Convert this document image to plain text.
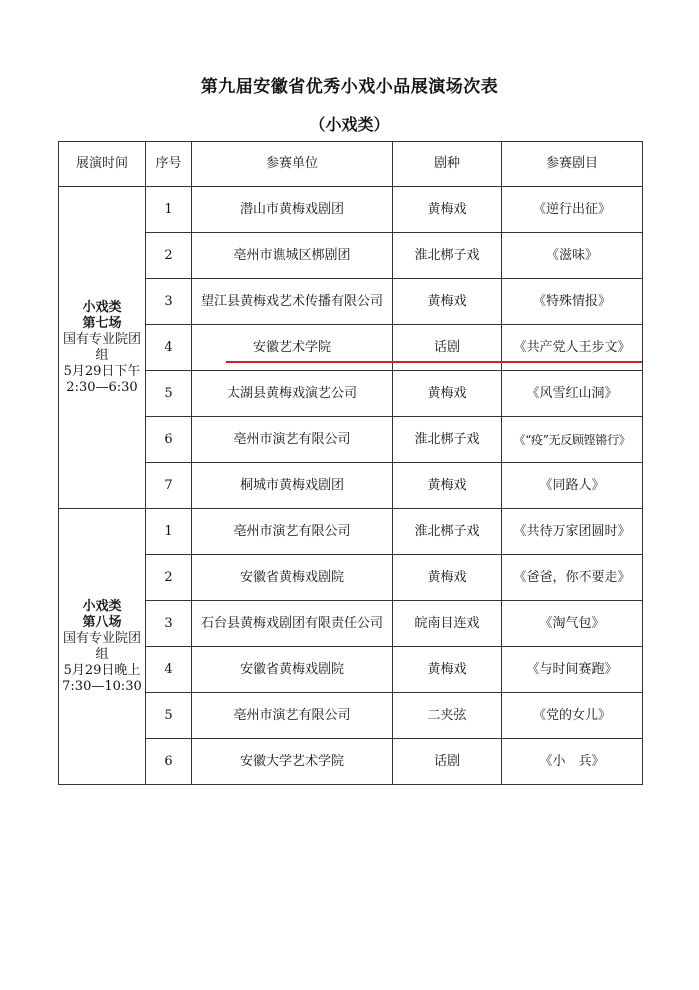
第九届安徽省优秀小戏小品展演场次表
（小戏类）
展演时间	序号	参赛单位	剧种	参赛剧目

小戏类
第七场
国有专业院团组
5月29日下午2:30—6:30	1	潜山市黄梅戏剧团	黄梅戏	《逆行出征》
	2	亳州市谯城区梆剧团	淮北梆子戏	《滋味》
	3	望江县黄梅戏艺术传播有限公司	黄梅戏	《特殊情报》
	4	安徽艺术学院	话剧	《共产党人王步文》
	5	太湖县黄梅戏演艺公司	黄梅戏	《风雪红山洞》
	6	亳州市演艺有限公司	淮北梆子戏	《“疫”无反顾铿锵行》
	7	桐城市黄梅戏剧团	黄梅戏	《同路人》

小戏类
第八场
国有专业院团组
5月29日晚上7:30—10:30	1	亳州市演艺有限公司	淮北梆子戏	《共待万家团圆时》
	2	安徽省黄梅戏剧院	黄梅戏	《爸爸，你不要走》
	3	石台县黄梅戏剧团有限责任公司	皖南目连戏	《淘气包》
	4	安徽省黄梅戏剧院	黄梅戏	《与时间赛跑》
	5	亳州市演艺有限公司	二夹弦	《党的女儿》
	6	安徽大学艺术学院	话剧	《小　兵》
